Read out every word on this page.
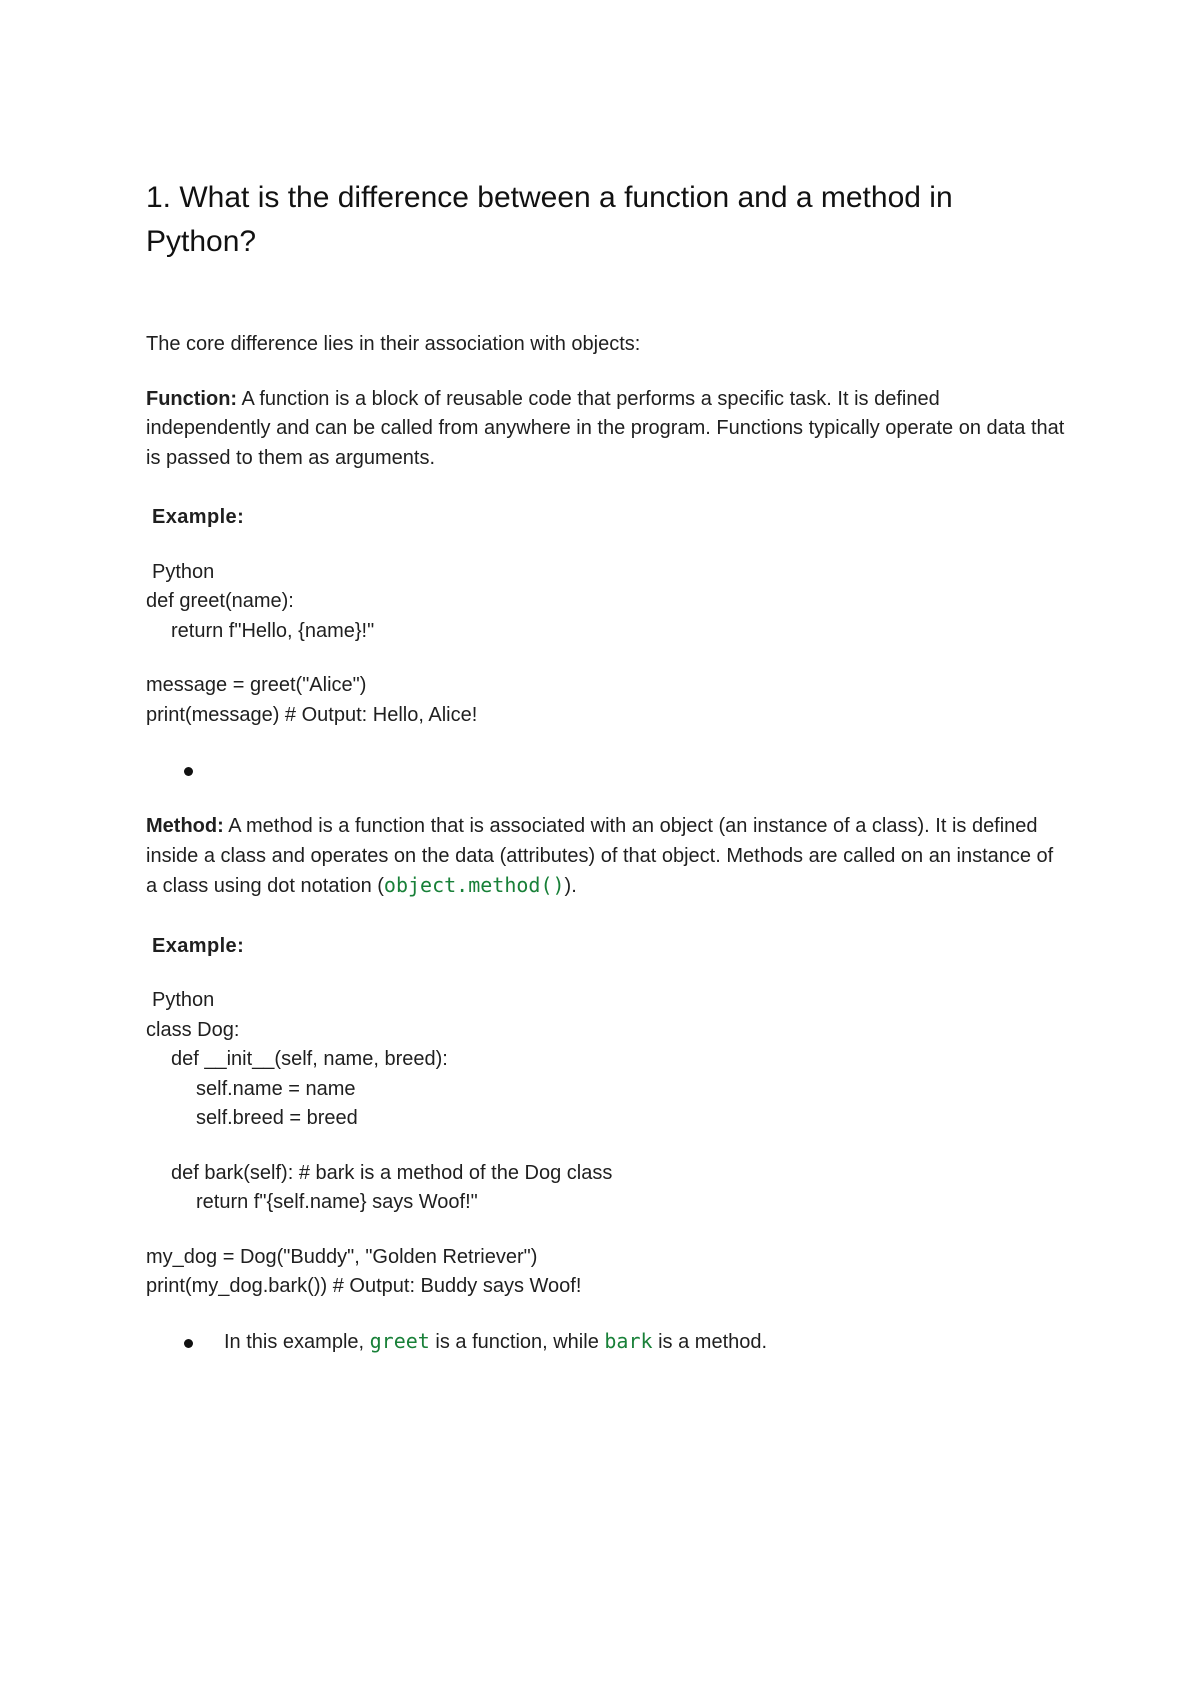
1. What is the difference between a function and a method in Python?

The core difference lies in their association with objects:

Function: A function is a block of reusable code that performs a specific task. It is defined independently and can be called from anywhere in the program. Functions typically operate on data that is passed to them as arguments.

Example:

Python

def greet(name):

return f"Hello, {name}!"

message = greet("Alice")

print(message) # Output: Hello, Alice!

Method: A method is a function that is associated with an object (an instance of a class). It is defined inside a class and operates on the data (attributes) of that object. Methods are called on an instance of a class using dot notation (object.method()).

Example:

Python

class Dog:

def __init__(self, name, breed):

self.name = name

self.breed = breed

def bark(self): # bark is a method of the Dog class

return f"{self.name} says Woof!"

my_dog = Dog("Buddy", "Golden Retriever")

print(my_dog.bark()) # Output: Buddy says Woof!

In this example, greet is a function, while bark is a method.
